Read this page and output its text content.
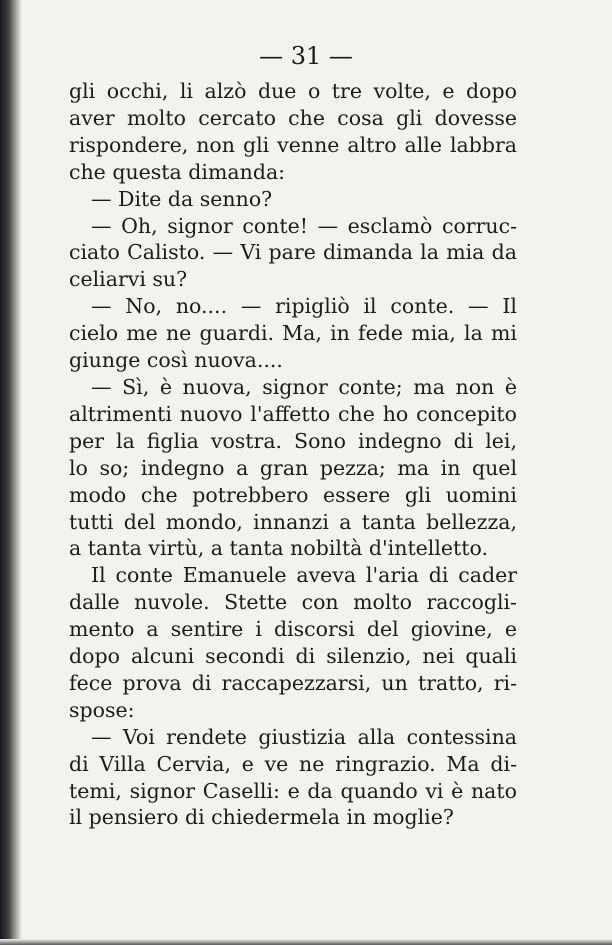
— 31 —
gli occhi, li alzò due o tre volte, e dopo
aver molto cercato che cosa gli dovesse
rispondere, non gli venne altro alle labbra
che questa dimanda:
— Dite da senno?
— Oh, signor conte! — esclamò corruc-
ciato Calisto. — Vi pare dimanda la mia da
celiarvi su?
— No, no.... — ripigliò il conte. — Il
cielo me ne guardi. Ma, in fede mia, la mi
giunge così nuova....
— Sì, è nuova, signor conte; ma non è
altrimenti nuovo l'affetto che ho concepito
per la figlia vostra. Sono indegno di lei,
lo so; indegno a gran pezza; ma in quel
modo che potrebbero essere gli uomini
tutti del mondo, innanzi a tanta bellezza,
a tanta virtù, a tanta nobiltà d'intelletto.
Il conte Emanuele aveva l'aria di cader
dalle nuvole. Stette con molto raccogli-
mento a sentire i discorsi del giovine, e
dopo alcuni secondi di silenzio, nei quali
fece prova di raccapezzarsi, un tratto, ri-
spose:
— Voi rendete giustizia alla contessina
di Villa Cervia, e ve ne ringrazio. Ma di-
temi, signor Caselli: e da quando vi è nato
il pensiero di chiedermela in moglie?
